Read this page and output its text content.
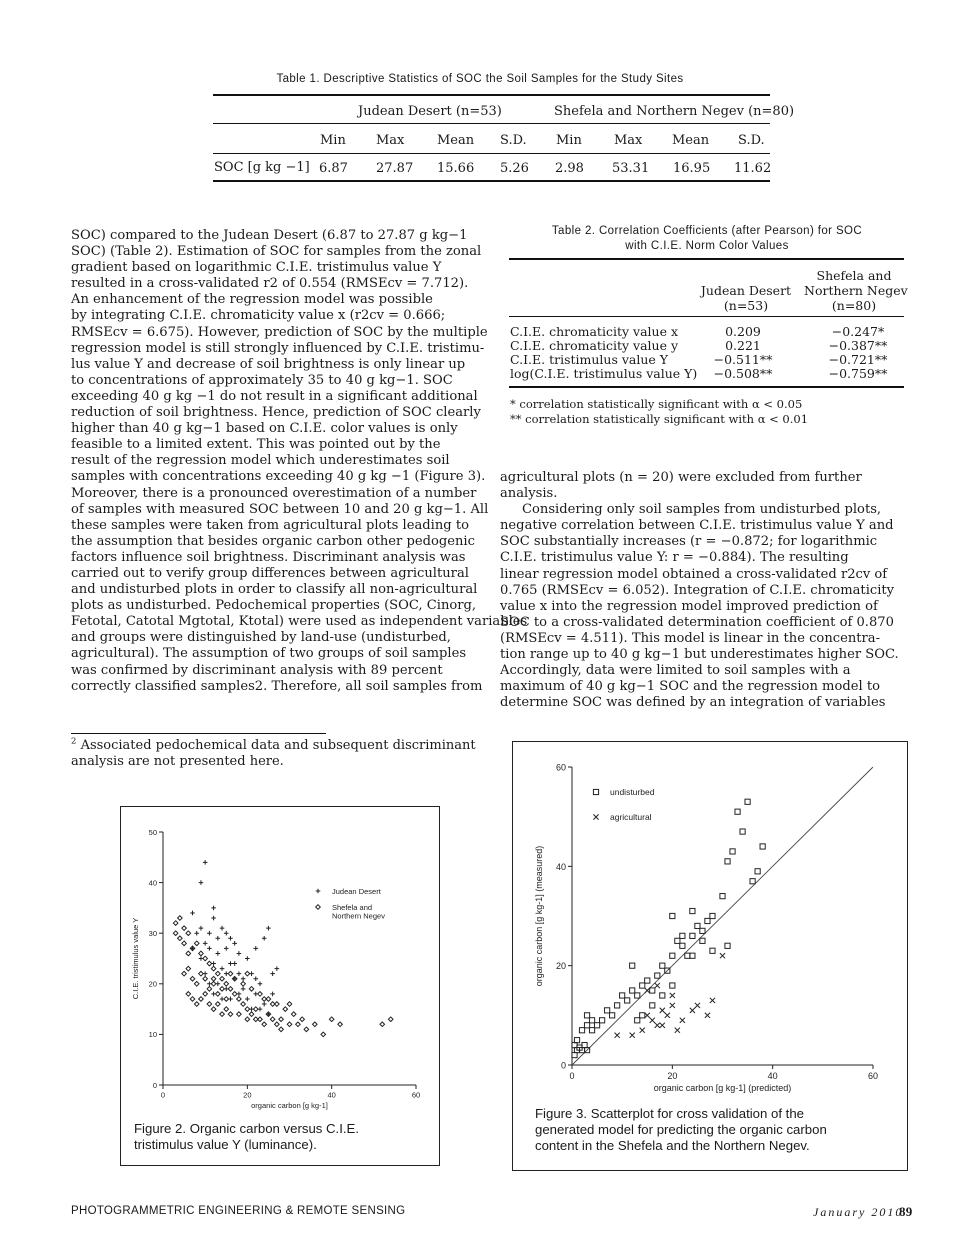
Table 1. Descriptive Statistics of SOC the Soil Samples for the Study Sites
Judean Desert (n=53)	Shefela and Northern Negev (n=80)
Min Max	Mean S.D. Min Max Mean S.D.
SOC [g kg −1] 6.87 27.87 15.66 5.26 2.98 53.31 16.95 11.62

SOC) compared to the Judean Desert (6.87 to 27.87 g kg−1

SOC) (Table 2). Estimation of SOC for samples from the zonal

gradient based on logarithmic C.I.E. tristimulus value Y

resulted in a cross-validated r2 of 0.554 (RMSEcv = 7.712).

An enhancement of the regression model was possible

by integrating C.I.E. chromaticity value x (r2cv = 0.666;

RMSEcv = 6.675). However, prediction of SOC by the multiple

regression model is still strongly influenced by C.I.E. tristimu-

lus value Y and decrease of soil brightness is only linear up

to concentrations of approximately 35 to 40 g kg−1. SOC

exceeding 40 g kg −1 do not result in a significant additional

reduction of soil brightness. Hence, prediction of SOC clearly

higher than 40 g kg−1 based on C.I.E. color values is only

feasible to a limited extent. This was pointed out by the

result of the regression model which underestimates soil

samples with concentrations exceeding 40 g kg −1 (Figure 3).

Moreover, there is a pronounced overestimation of a number

of samples with measured SOC between 10 and 20 g kg−1. All

these samples were taken from agricultural plots leading to

the assumption that besides organic carbon other pedogenic

factors influence soil brightness. Discriminant analysis was

carried out to verify group differences between agricultural

and undisturbed plots in order to classify all non-agricultural

plots as undisturbed. Pedochemical properties (SOC, Cinorg,

Fetotal, Catotal Mgtotal, Ktotal) were used as independent variables

and groups were distinguished by land-use (undisturbed,

agricultural). The assumption of two groups of soil samples

was confirmed by discriminant analysis with 89 percent

correctly classified samples2. Therefore, all soil samples from

Table 2. Correlation Coefficients (after Pearson) for SOC
with C.I.E. Norm Color Values
Judean Desert
(n=53)
Shefela and
Northern Negev
(n=80)
C.I.E. chromaticity value x	0.209	−0.247*
C.I.E. chromaticity value y	0.221	−0.387**
C.I.E. tristimulus value Y	−0.511**	−0.721**
log(C.I.E. tristimulus value Y)	−0.508**	−0.759**
* correlation statistically significant with α < 0.05
** correlation statistically significant with α < 0.01

agricultural plots (n = 20) were excluded from further

analysis.

Considering only soil samples from undisturbed plots,

negative correlation between C.I.E. tristimulus value Y and

SOC substantially increases (r = −0.872; for logarithmic

C.I.E. tristimulus value Y: r = −0.884). The resulting

linear regression model obtained a cross-validated r2cv of

0.765 (RMSEcv = 6.052). Integration of C.I.E. chromaticity

value x into the regression model improved prediction of

SOC to a cross-validated determination coefficient of 0.870

(RMSEcv = 4.511). This model is linear in the concentra-

tion range up to 40 g kg−1 but underestimates higher SOC.

Accordingly, data were limited to soil samples with a

maximum of 40 g kg−1 SOC and the regression model to

determine SOC was defined by an integration of variables

$^2$ Associated pedochemical data and subsequent discriminant
analysis are not presented here.
0	20	40	60
0
10
20
30
40
50
organic carbon [g kg-1]
C.I.E. tristimulus value Y
Judean Desert
Shefela and
Northern Negev
Figure 2. Organic carbon versus C.I.E.
tristimulus value Y (luminance).
0	20	40	60
0
20
40
60
organic carbon [g kg-1] (predicted)
organic carbon [g kg-1] (measured)
undisturbed
agricultural
Figure 3. Scatterplot for cross validation of the
generated model for predicting the organic carbon
content in the Shefela and the Northern Negev.
PHOTOGRAMMETRIC ENGINEERING & REMOTE SENSING	January 2010
89
